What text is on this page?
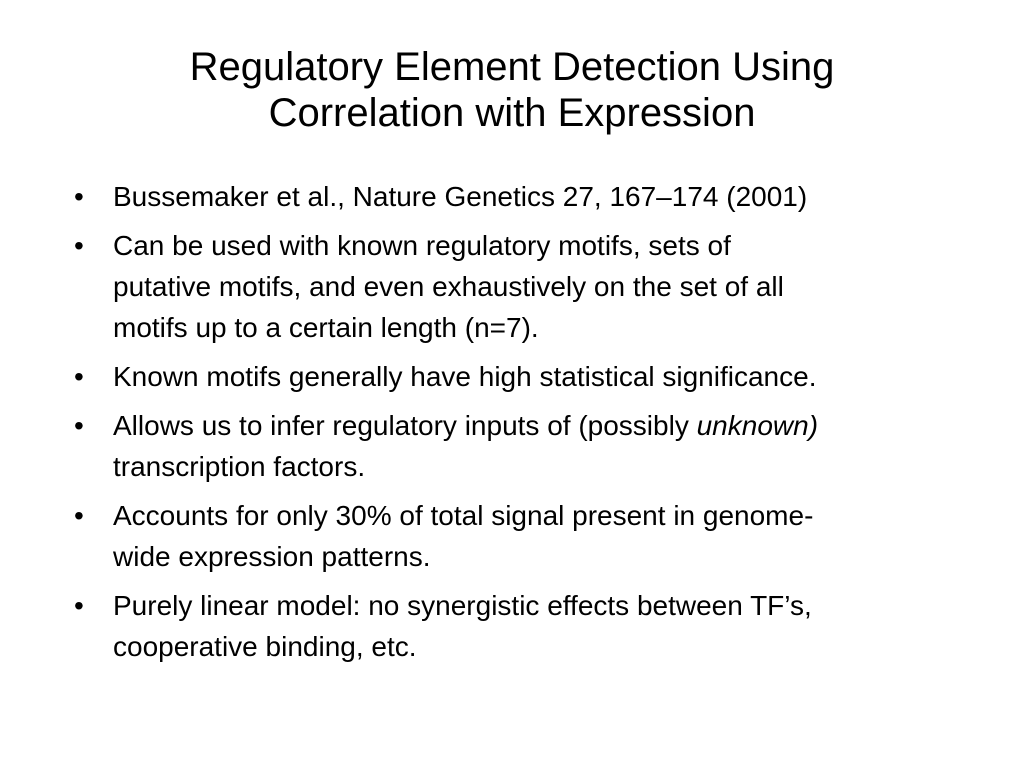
Regulatory Element Detection Using
Correlation with Expression
• Bussemaker et al., Nature Genetics 27, 167–174 (2001)
• Can be used with known regulatory motifs, sets of
putative motifs, and even exhaustively on the set of all
motifs up to a certain length (n=7).
• Known motifs generally have high statistical significance.
• Allows us to infer regulatory inputs of (possibly unknown)
transcription factors.
• Accounts for only 30% of total signal present in genome-
wide expression patterns.
• Purely linear model: no synergistic effects between TF’s,
cooperative binding, etc.
